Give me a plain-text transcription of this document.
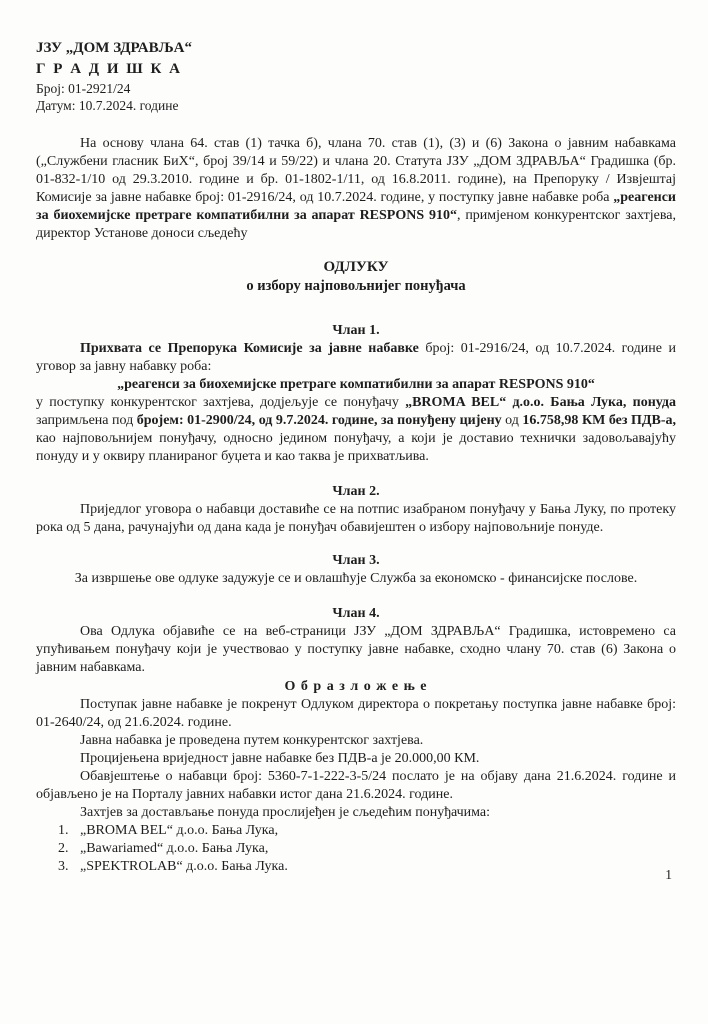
ЈЗУ „ДОМ ЗДРАВЉА“
Г Р А Д И Ш К А
Број: 01-2921/24
Датум: 10.7.2024. године

На основу члана 64. став (1) тачка б), члана 70. став (1), (3) и (6) Закона о јавним набавкама („Службени гласник БиХ“, број 39/14 и 59/22) и члана 20. Статута ЈЗУ „ДОМ ЗДРАВЉА“ Градишка (бр. 01-832-1/10 од 29.3.2010. године и бр. 01-1802-1/11, од 16.8.2011. године), на Препоруку / Извјештај Комисије за јавне набавке број: 01-2916/24, од 10.7.2024. године, у поступку јавне набавке роба „реагенси за биохемијске претраге компатибилни за апарат RESPONS 910“, примјеном конкурентског захтјева, директор Установе доноси сљедећу

ОДЛУКУ
о избору најповољнијег понуђача
Члан 1.

Прихвата се Препорука Комисије за јавне набавке број: 01-2916/24, од 10.7.2024. године и уговор за јавну набавку роба:

„реагенси за биохемијске претраге компатибилни за апарат RESPONS 910“

у поступку конкурентског захтјева, додјељује се понуђачу „BROMA BEL“ д.о.о. Бања Лука, понуда запримљена под бројем: 01-2900/24, од 9.7.2024. године, за понуђену цијену од 16.758,98 КМ без ПДВ-а, као најповољнијем понуђачу, односно једином понуђачу, а који је доставио технички задовољавајућу понуду и у оквиру планираног буџета и као таква је прихватљива.

Члан 2.

Приједлог уговора о набавци доставиће се на потпис изабраном понуђачу у Бања Луку, по протеку рока од 5 дана, рачунајући од дана када је понуђач обавијештен о избору најповољније понуде.

Члан 3.

За извршење ове одлуке задужује се и овлашћује Служба за економско - финансијске послове.

Члан 4.

Ова Одлука објавиће се на веб-страници ЈЗУ „ДОМ ЗДРАВЉА“ Градишка, истовремено са упућивањем понуђачу који је учествовао у поступку јавне набавке, сходно члану 70. став (6) Закона о јавним набавкама.

О б р а з л о ж е њ е

Поступак јавне набавке је покренут Одлуком директора о покретању поступка јавне набавке број: 01-2640/24, од 21.6.2024. године.

Јавна набавка је проведена путем конкурентског захтјева.

Процијењена вриједност јавне набавке без ПДВ-а је 20.000,00 КМ.

Обавјештење о набавци број: 5360-7-1-222-3-5/24 послато је на објаву дана 21.6.2024. године и објављено је на Порталу јавних набавки истог дана 21.6.2024. године.

Захтјев за достављање понуда прослијеђен је сљедећим понуђачима:

1. „BROMA BEL“ д.о.о. Бања Лука,
2. „Bawariamed“ д.о.о. Бања Лука,
3. „SPEKTROLAB“ д.о.о. Бања Лука.
1
